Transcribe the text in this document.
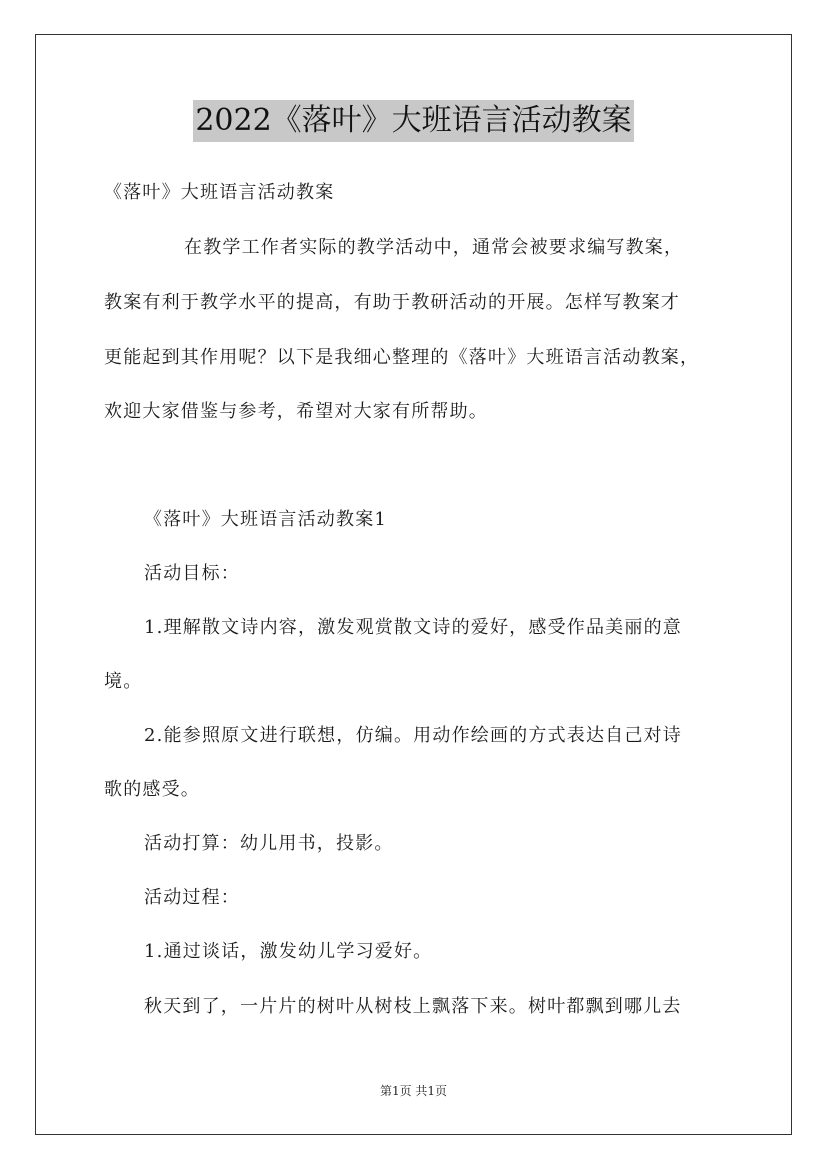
2022《落叶》大班语言活动教案
《落叶》大班语言活动教案
在教学工作者实际的教学活动中，通常会被要求编写教案，
教案有利于教学水平的提高，有助于教研活动的开展。怎样写教案才
更能起到其作用呢？以下是我细心整理的《落叶》大班语言活动教案，
欢迎大家借鉴与参考，希望对大家有所帮助。
《落叶》大班语言活动教案1
活动目标：
1.理解散文诗内容，激发观赏散文诗的爱好，感受作品美丽的意
境。
2.能参照原文进行联想，仿编。用动作绘画的方式表达自己对诗
歌的感受。
活动打算：幼儿用书，投影。
活动过程：
1.通过谈话，激发幼儿学习爱好。
秋天到了，一片片的树叶从树枝上飘落下来。树叶都飘到哪儿去
第1页 共1页
